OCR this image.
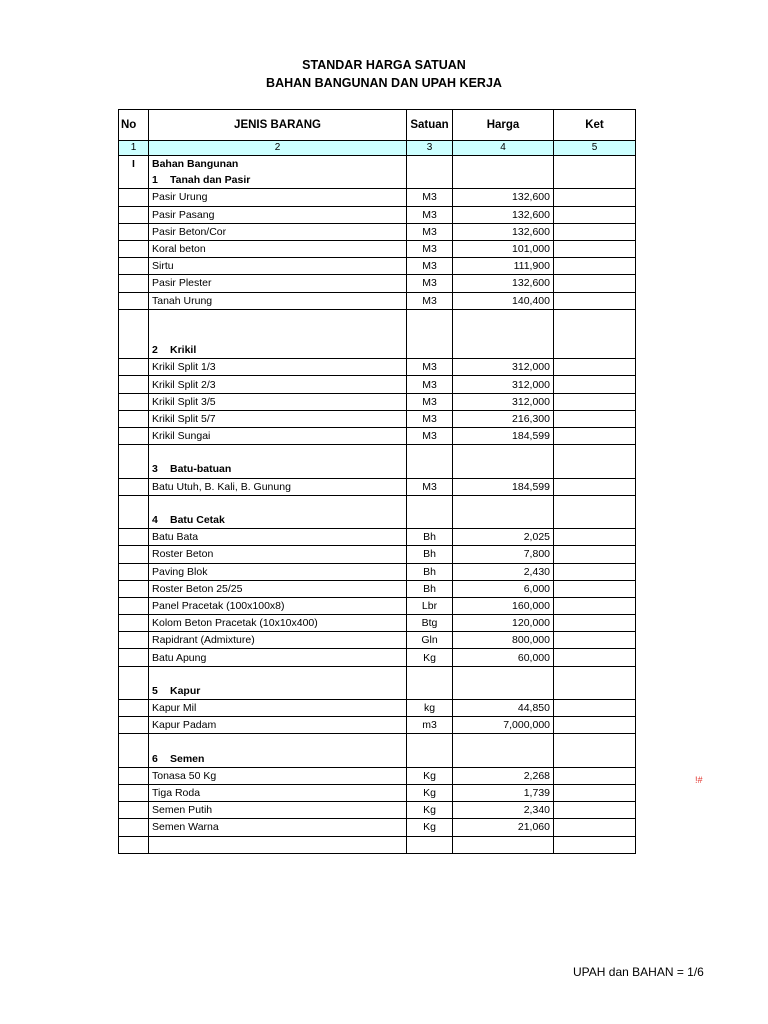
STANDAR HARGA SATUAN
BAHAN BANGUNAN DAN UPAH KERJA
No	JENIS BARANG	Satuan	Harga	Ket
1	2	3	4	5
I	Bahan Bangunan			
	1 Tanah dan Pasir			
	Pasir Urung	M3	132,600	
	Pasir Pasang	M3	132,600	
	Pasir Beton/Cor	M3	132,600	
	Koral beton	M3	101,000	
	Sirtu	M3	111,900	
	Pasir Plester	M3	132,600	
	Tanah Urung	M3	140,400	

	2 Krikil			
	Krikil Split 1/3	M3	312,000	
	Krikil Split 2/3	M3	312,000	
	Krikil Split 3/5	M3	312,000	
	Krikil Split 5/7	M3	216,300	
	Krikil Sungai	M3	184,599	

	3 Batu-batuan			
	Batu Utuh, B. Kali, B. Gunung	M3	184,599	

	4 Batu Cetak			
	Batu Bata	Bh	2,025	
	Roster Beton	Bh	7,800	
	Paving Blok	Bh	2,430	
	Roster Beton 25/25	Bh	6,000	
	Panel Pracetak (100x100x8)	Lbr	160,000	
	Kolom Beton Pracetak (10x10x400)	Btg	120,000	
	Rapidrant (Admixture)	Gln	800,000	
	Batu Apung	Kg	60,000	

	5 Kapur			
	Kapur Mil	kg	44,850	
	Kapur Padam	m3	7,000,000	

	6 Semen			
	Tonasa 50 Kg	Kg	2,268	
	Tiga Roda	Kg	1,739	
	Semen Putih	Kg	2,340	
	Semen Warna	Kg	21,060	

!#
UPAH dan BAHAN = 1/6
